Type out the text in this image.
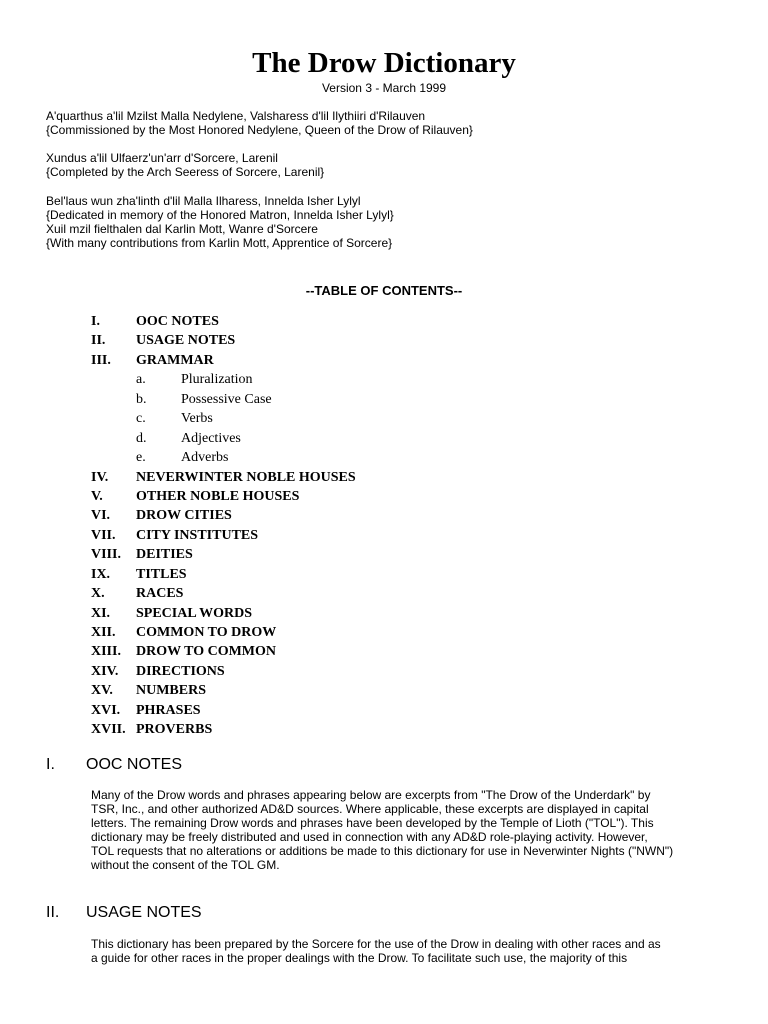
The Drow Dictionary
Version 3 - March 1999

A'quarthus a'lil Mzilst Malla Nedylene, Valsharess d'lil Ilythiiri d'Rilauven

{Commissioned by the Most Honored Nedylene, Queen of the Drow of Rilauven}

Xundus a'lil Ulfaerz'un'arr d'Sorcere, Larenil

{Completed by the Arch Seeress of Sorcere, Larenil}

Bel'laus wun zha'linth d'lil Malla Ilharess, Innelda Isher Lylyl

{Dedicated in memory of the Honored Matron, Innelda Isher Lylyl}

Xuil mzil fielthalen dal Karlin Mott, Wanre d'Sorcere

{With many contributions from Karlin Mott, Apprentice of Sorcere}

--TABLE OF CONTENTS--
I.	OOC NOTES
II. USAGE NOTES
III. GRAMMAR
a.	Pluralization
b. Possessive Case
c.	Verbs
d. Adjectives
e.	Adverbs
IV. NEVERWINTER NOBLE HOUSES
V. OTHER NOBLE HOUSES
VI. DROW CITIES
VII. CITY INSTITUTES
VIII. DEITIES
IX. TITLES
X. RACES
XI. SPECIAL WORDS
XII. COMMON TO DROW
XIII. DROW TO COMMON
XIV. DIRECTIONS
XV. NUMBERS
XVI. PHRASES
XVII. PROVERBS
I. OOC NOTES
Many of the Drow words and phrases appearing below are excerpts from "The Drow of the Underdark" by
TSR, Inc., and other authorized AD&D sources. Where applicable, these excerpts are displayed in capital
letters. The remaining Drow words and phrases have been developed by the Temple of Lioth ("TOL"). This
dictionary may be freely distributed and used in connection with any AD&D role-playing activity. However,
TOL requests that no alterations or additions be made to this dictionary for use in Neverwinter Nights ("NWN")
without the consent of the TOL GM.
II. USAGE NOTES
This dictionary has been prepared by the Sorcere for the use of the Drow in dealing with other races and as
a guide for other races in the proper dealings with the Drow. To facilitate such use, the majority of this
